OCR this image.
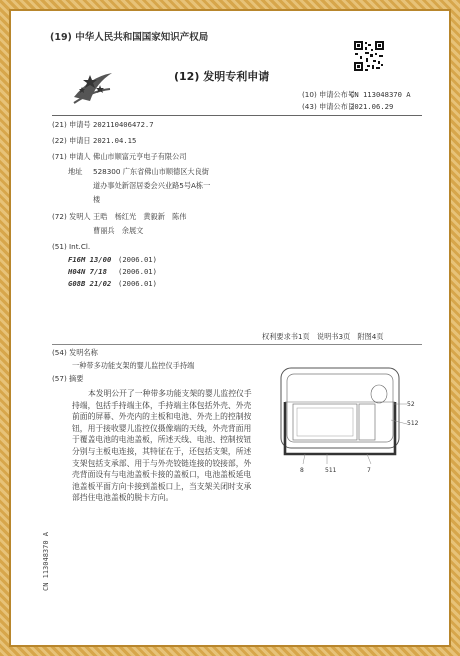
(19) 中华人民共和国国家知识产权局
(12) 发明专利申请
(10) 申请公布号
CN 113048370 A
(43) 申请公布日
2021.06.29
(21) 申请号 202110406472.7
(22) 申请日 2021.04.15
(71) 申请人 佛山市顺富元亨电子有限公司
地址 528300 广东省佛山市顺德区大良街
道办事处新滘居委会兴业路5号A栋一
楼
(72) 发明人 王晧　杨红光　黄毅新　陈伟
曹丽兵　余展文
(51) Int.Cl.
F16M 13/00 (2006.01)
H04N 7/18 (2006.01)
G08B 21/02 (2006.01)
权利要求书1页　说明书3页　附图4页
(54) 发明名称
一种带多功能支架的婴儿监控仪手持端
(57) 摘要
本发明公开了一种带多功能支架的婴儿监控仪手持端，包括手持端主体，手持端主体包括外壳、外壳前面的屏幕、外壳内的主板和电池、外壳上的控制按钮，用于接收婴儿监控仪摄像端的天线，外壳背面用于覆盖电池的电池盖板，所述天线、电池、控制按钮分别与主板电连接，其特征在于，还包括支架，所述支架包括支承部、用于与外壳铰链连接的铰接部，外壳背面设有与电池盖板卡接的盖板口，电池盖板延电池盖板平面方向卡接到盖板口上，当支架关闭时支承部挡住电池盖板的脱卡方向。
52
512
8	511	7
CN 113048370 A
